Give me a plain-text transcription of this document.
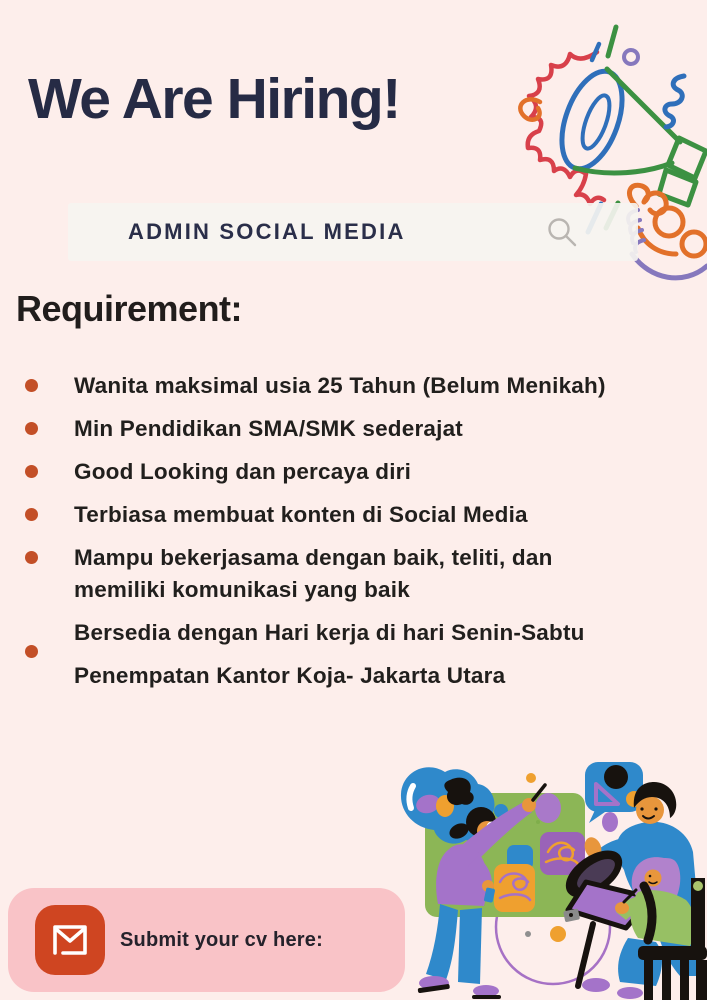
We Are Hiring!
ADMIN SOCIAL MEDIA
Requirement:
Wanita maksimal usia 25 Tahun (Belum Menikah)
Min Pendidikan SMA/SMK sederajat
Good Looking dan percaya diri
Terbiasa membuat konten di Social Media
Mampu bekerjasama dengan baik, teliti, dan
memiliki komunikasi yang baik
Bersedia dengan Hari kerja di hari Senin-Sabtu
Penempatan Kantor Koja- Jakarta Utara
Submit your cv here:
